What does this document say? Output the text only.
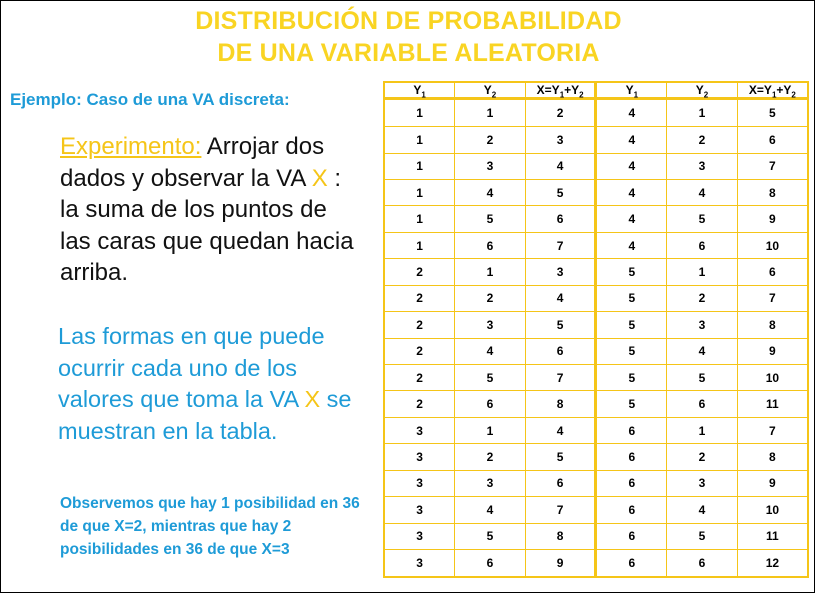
DISTRIBUCIÓN DE PROBABILIDAD
DE UNA VARIABLE ALEATORIA
Ejemplo: Caso de una VA discreta:
Experimento: Arrojar dos dados y observar la VA X : la suma de los puntos de las caras que quedan hacia arriba.
Las formas en que puede ocurrir cada uno de los valores que toma la VA X se muestran en la tabla.
Observemos que hay 1 posibilidad en 36 de que X=2, mientras que hay 2 posibilidades en 36 de que X=3
$Y_1$	$Y_2$	$X=Y_1+Y_2$	$Y_1$	$Y_2$	$X=Y_1+Y_2$
1	1	2	4	1	5
1	2	3	4	2	6
1	3	4	4	3	7
1	4	5	4	4	8
1	5	6	4	5	9
1	6	7	4	6	10
2	1	3	5	1	6
2	2	4	5	2	7
2	3	5	5	3	8
2	4	6	5	4	9
2	5	7	5	5	10
2	6	8	5	6	11
3	1	4	6	1	7
3	2	5	6	2	8
3	3	6	6	3	9
3	4	7	6	4	10
3	5	8	6	5	11
3	6	9	6	6	12
